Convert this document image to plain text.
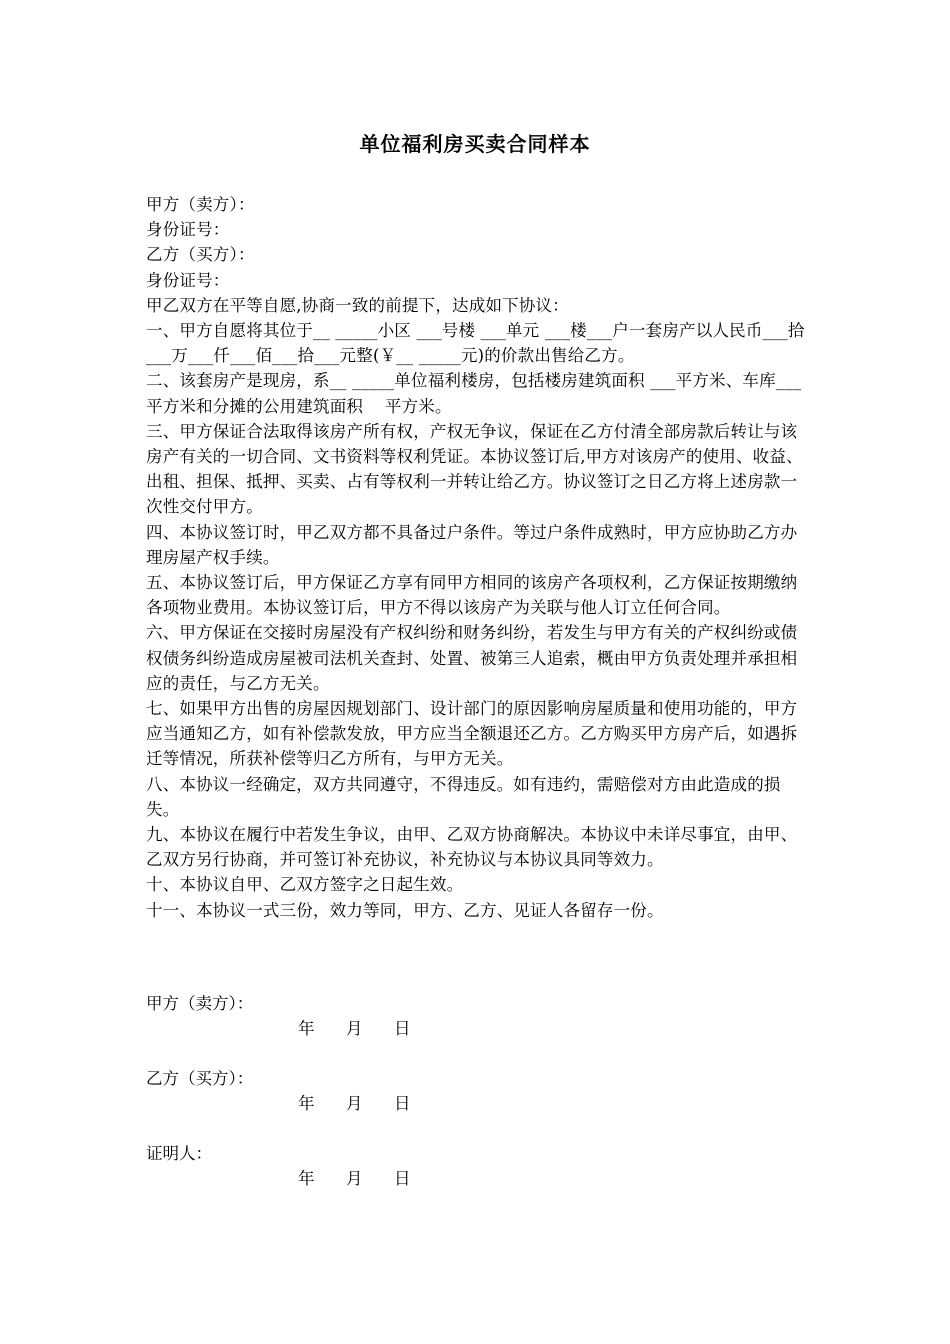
单位福利房买卖合同样本

甲方（卖方）：

身份证号：

乙方（买方）：

身份证号：

甲乙双方在平等自愿,协商一致的前提下，达成如下协议：

一、甲方自愿将其位于__ _____小区 ___号楼 ___单元 ___楼___户一套房产以人民币___拾___万___仟___佰___拾___元整(￥__ _____元)的价款出售给乙方。

二、该套房产是现房，系__ _____单位福利楼房，包括楼房建筑面积 ___平方米、车库___平方米和分摊的公用建筑面积    平方米。

三、甲方保证合法取得该房产所有权，产权无争议，保证在乙方付清全部房款后转让与该房产有关的一切合同、文书资料等权利凭证。本协议签订后,甲方对该房产的使用、收益、出租、担保、抵押、买卖、占有等权利一并转让给乙方。协议签订之日乙方将上述房款一次性交付甲方。

四、本协议签订时，甲乙双方都不具备过户条件。等过户条件成熟时，甲方应协助乙方办理房屋产权手续。

五、本协议签订后，甲方保证乙方享有同甲方相同的该房产各项权利，乙方保证按期缴纳各项物业费用。本协议签订后，甲方不得以该房产为关联与他人订立任何合同。

六、甲方保证在交接时房屋没有产权纠纷和财务纠纷，若发生与甲方有关的产权纠纷或债权债务纠纷造成房屋被司法机关查封、处置、被第三人追索，概由甲方负责处理并承担相应的责任，与乙方无关。

七、如果甲方出售的房屋因规划部门、设计部门的原因影响房屋质量和使用功能的，甲方应当通知乙方，如有补偿款发放，甲方应当全额退还乙方。乙方购买甲方房产后，如遇拆迁等情况，所获补偿等归乙方所有，与甲方无关。

八、本协议一经确定，双方共同遵守，不得违反。如有违约，需赔偿对方由此造成的损失。

九、本协议在履行中若发生争议，由甲、乙双方协商解决。本协议中未详尽事宜，由甲、乙双方另行协商，并可签订补充协议，补充协议与本协议具同等效力。

十、本协议自甲、乙双方签字之日起生效。

十一、本协议一式三份，效力等同，甲方、乙方、见证人各留存一份。

甲方（卖方）：
年 月 日
乙方（买方）：
年 月 日
证明人：
年 月 日
